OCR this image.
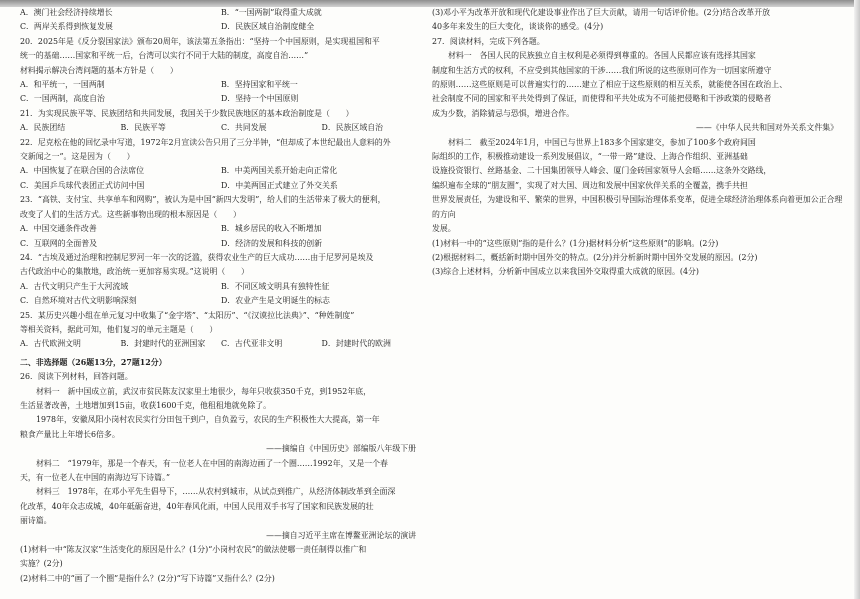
A．澳门社会经济持续增长	B．“一国两制”取得重大成就
C．两岸关系得到恢复发展	D．民族区域自治制度健全
20．2025年是《反分裂国家法》颁布20周年，该法第五条指出：“坚持一个中国原则，是实现祖国和平
统一的基础……国家和平统一后，台湾可以实行不同于大陆的制度，高度自治……”
材料揭示解决台湾问题的基本方针是（　　）
A．和平统一，一国两制	B．坚持国家和平统一
C．一国两制，高度自治	D．坚持一个中国原则
21．为实现民族平等、民族团结和共同发展，我国关于少数民族地区的基本政治制度是（　　）
A．民族团结	B．民族平等	C．共同发展	D．民族区域自治
22．尼克松在他的回忆录中写道，1972年2月宣读公告只用了三分半钟，“但却成了本世纪最出人意料的外
交新闻之一”。这是因为（　　）
A．中国恢复了在联合国的合法席位	B．中美两国关系开始走向正常化
C．美国乒乓球代表团正式访问中国	D．中美两国正式建立了外交关系
23．“高铁、支付宝、共享单车和网购”，被认为是中国“新四大发明”，给人们的生活带来了极大的便利，
改变了人们的生活方式。这些新事物出现的根本原因是（　　）
A．中国交通条件改善	B．城乡居民的收入不断增加
C．互联网的全面普及	D．经济的发展和科技的创新
24．“古埃及通过治理和控制尼罗河一年一次的泛滥，获得农业生产的巨大成功……由于尼罗河是埃及
古代政治中心的集散地，政治统一更加容易实现。”这说明（　　）
A．古代文明只产生于大河流域	B．不同区域文明具有独特性征
C．自然环境对古代文明影响深刻	D．农业产生是文明诞生的标志
25．某历史兴趣小组在单元复习中收集了“金字塔”、“太阳历”、“《汉谟拉比法典》”、“种姓制度”
等相关资料，据此可知，他们复习的单元主题是（　　）
A．古代欧洲文明	B．封建时代的亚洲国家	C．古代亚非文明	D．封建时代的欧洲
二、非选择题（26题13分，27题12分）
26．阅读下列材料，回答问题。
材料一　新中国成立前，武汉市贫民陈友汉家里土地很少，每年只收获350千克，到1952年底，
生活显著改善，土地增加到15亩，收获1600千克，他租租地就免除了。
1978年，安徽凤阳小岗村农民实行分田包干到户，自负盈亏，农民的生产积极性大大提高，第一年
粮食产量比上年增长6倍多。
——摘编自《中国历史》部编版八年级下册
材料二　“1979年，那是一个春天，有一位老人在中国的南海边画了一个圈……1992年，又是一个春
天，有一位老人在中国的南海边写下诗篇。”
材料三　1978年，在邓小平先生倡导下，……从农村到城市，从试点到推广，从经济体制改革到全面深
化改革，40年众志成城，40年砥砺奋进，40年春风化雨，中国人民用双手书写了国家和民族发展的壮
丽诗篇。
——摘自习近平主席在博鳌亚洲论坛的演讲
(1)材料一中“陈友汉家”生活变化的原因是什么？(1分)“小岗村农民”的做法使哪一责任制得以推广和
实施？(2分)
(2)材料二中的“画了一个圈”是指什么？(2分)“写下诗篇”又指什么？(2分)
(3)邓小平为改革开放和现代化建设事业作出了巨大贡献，请用一句话评价他。(2分)结合改革开放
40多年来发生的巨大变化，谈谈你的感受。(4分)
27．阅读材料，完成下列各题。
材料一　各国人民的民族独立自主权利是必须得到尊重的。各国人民都应该有选择其国家
制度和生活方式的权利，不应受到其他国家的干涉……我们所说的这些原则可作为一切国家所遵守
的原则……这些原则是可以普遍实行的……建立了相应于这些原则的相互关系，就能使各国在政治上、
社会制度不同的国家和平共处得到了保证，而使得和平共处成为不可能把侵略和干涉政策的侵略者
成为少数，消除猜忌与恐惧，增进合作。
——《中华人民共和国对外关系文件集》
材料二　截至2024年1月，中国已与世界上183多个国家建交，参加了100多个政府间国
际组织的工作，积极推动建设一系列发展倡议，“一带一路”建设、上海合作组织、亚洲基础
设施投资银行、丝路基金、二十国集团领导人峰会、厦门金砖国家领导人会晤……这条外交路线，
编织遍布全球的“朋友圈”，实现了对大国、周边和发展中国家伙伴关系的全覆盖，携手共担
世界发展责任，为建设和平、繁荣的世界，中国积极引导国际治理体系变革，促进全球经济治理体系向着更加公正合理的方向
发展。
(1)材料一中的“这些原则”指的是什么？(1分)据材料分析“这些原则”的影响。(2分)
(2)根据材料二，概括新时期中国外交的特点。(2分)并分析新时期中国外交发展的原因。(2分)
(3)综合上述材料，分析新中国成立以来我国外交取得重大成就的原因。(4分)
